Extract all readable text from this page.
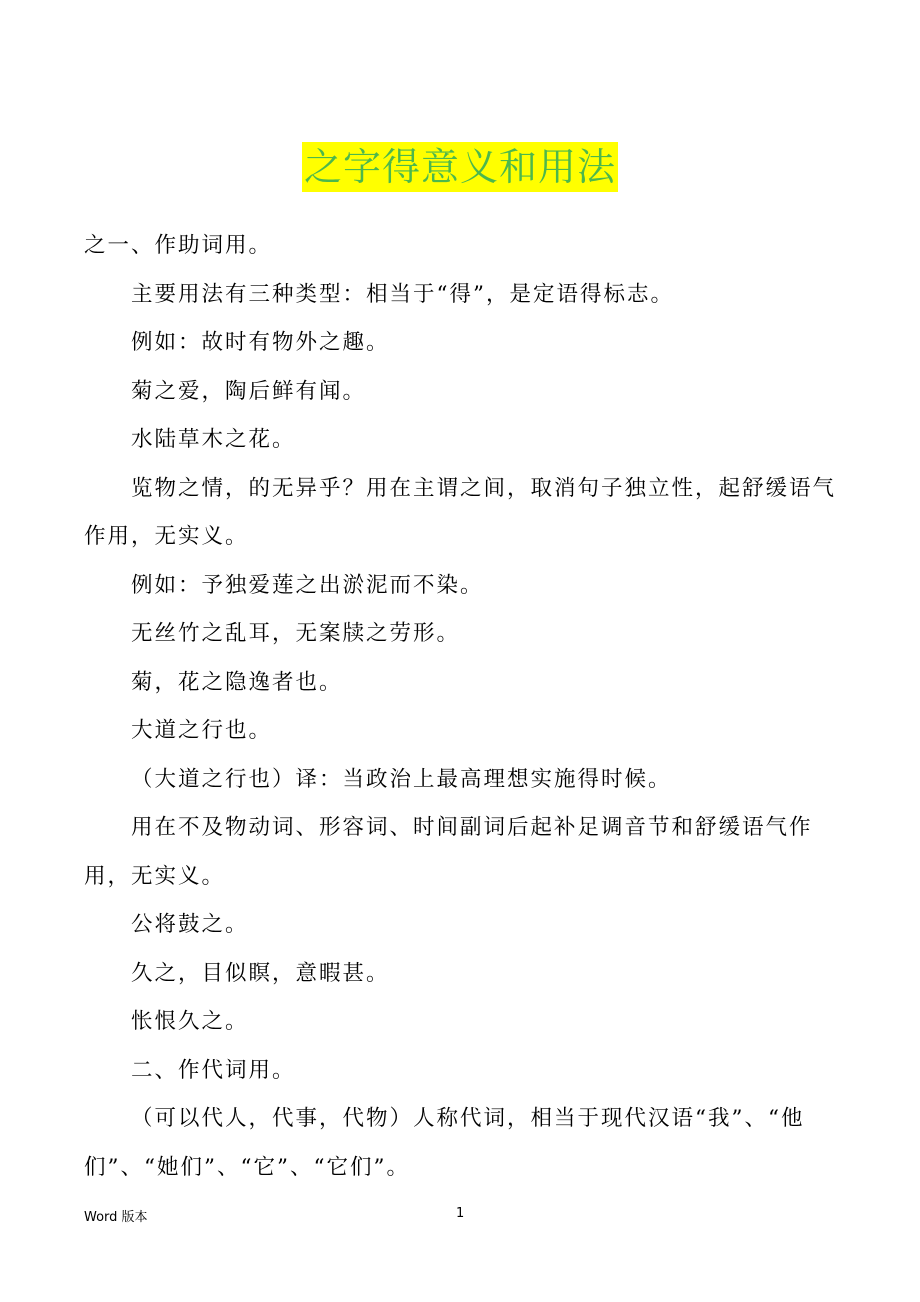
之字得意义和用法

之一、作助词用。

主要用法有三种类型：相当于“得”，是定语得标志。

例如：故时有物外之趣。

菊之爱，陶后鲜有闻。

水陆草木之花。

览物之情，的无异乎？用在主谓之间，取消句子独立性，起舒缓语气作用，无实义。

例如：予独爱莲之出淤泥而不染。

无丝竹之乱耳，无案牍之劳形。

菊，花之隐逸者也。

大道之行也。

（大道之行也）译：当政治上最高理想实施得时候。

用在不及物动词、形容词、时间副词后起补足调音节和舒缓语气作用，无实义。

公将鼓之。

久之，目似瞑，意暇甚。

怅恨久之。

二、作代词用。

（可以代人，代事，代物）人称代词，相当于现代汉语“我”、“他们”、“她们”、“它”、“它们”。

Word 版本	1
